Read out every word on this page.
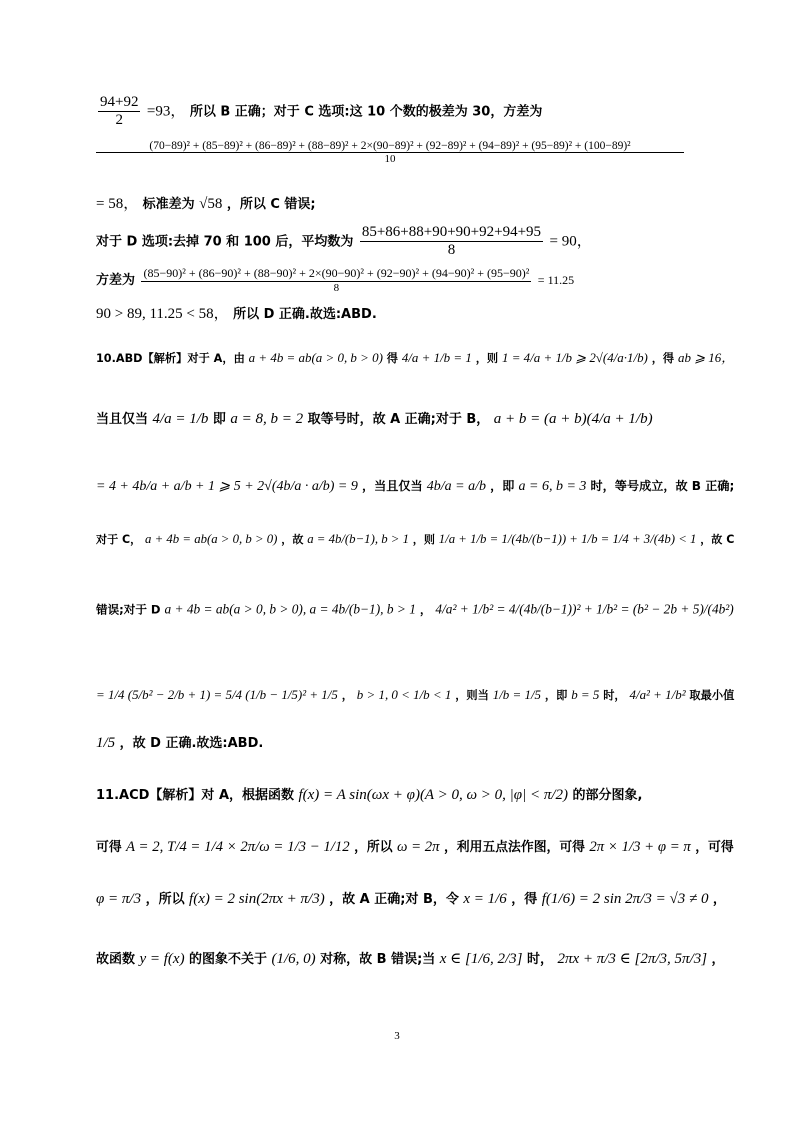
$\frac{94+92}{2} =93$， 所以 B 正确；对于 C 选项:这 10 个数的极差为 30，方差为
(70−89)² + (85−89)² + (86−89)² + (88−89)² + 2×(90−89)² + (92−89)² + (94−89)² + (95−89)² + (100−89)²
10
= 58， 标准差为 √58 ，所以 C 错误;
对于 D 选项:去掉 70 和 100 后，平均数为 $\frac{85+86+88+90+90+92+94+95}{8} = 90$，
方差为 (85−90)² + (86−90)² + (88−90)² + 2×(90−90)² + (92−90)² + (94−90)² + (95−90)²
8
= 11.25
90 > 89, 11.25 < 58， 所以 D 正确.故选:ABD.
10.ABD【解析】对于 A，由 a + 4b = ab(a > 0, b > 0) 得 4/a + 1/b = 1 ，则 1 = 4/a + 1/b ⩾ 2√(4/a·1/b) ，得 ab ⩾ 16，
当且仅当 4/a = 1/b 即 a = 8, b = 2 取等号时，故 A 正确;对于 B， a + b = (a + b)(4/a + 1/b)
= 4 + 4b/a + a/b + 1 ⩾ 5 + 2√(4b/a · a/b) = 9 ，当且仅当 4b/a = a/b ，即 a = 6, b = 3 时，等号成立，故 B 正确;
对于 C， a + 4b = ab(a > 0, b > 0) ，故 a = 4b/(b−1), b > 1 ，则 1/a + 1/b = 1/(4b/(b−1)) + 1/b = 1/4 + 3/(4b) < 1 ，故 C
错误;对于 D a + 4b = ab(a > 0, b > 0), a = 4b/(b−1), b > 1 ， 4/a² + 1/b² = 4/(4b/(b−1))² + 1/b² = (b² − 2b + 5)/(4b²)
= 1/4 (5/b² − 2/b + 1) = 5/4 (1/b − 1/5)² + 1/5 ， b > 1, 0 < 1/b < 1 ，则当 1/b = 1/5 ，即 b = 5 时， 4/a² + 1/b² 取最小值
1/5 ，故 D 正确.故选:ABD.
11.ACD【解析】对 A，根据函数 f(x) = A sin(ωx + φ)(A > 0, ω > 0, |φ| < π/2) 的部分图象,
可得 A = 2, T/4 = 1/4 × 2π/ω = 1/3 − 1/12 ，所以 ω = 2π ，利用五点法作图，可得 2π × 1/3 + φ = π ，可得
φ = π/3 ，所以 f(x) = 2 sin(2πx + π/3) ，故 A 正确;对 B，令 x = 1/6 ，得 f(1/6) = 2 sin 2π/3 = √3 ≠ 0 ，
故函数 y = f(x) 的图象不关于 (1/6, 0) 对称，故 B 错误;当 x ∈ [1/6, 2/3] 时， 2πx + π/3 ∈ [2π/3, 5π/3] ，
3
